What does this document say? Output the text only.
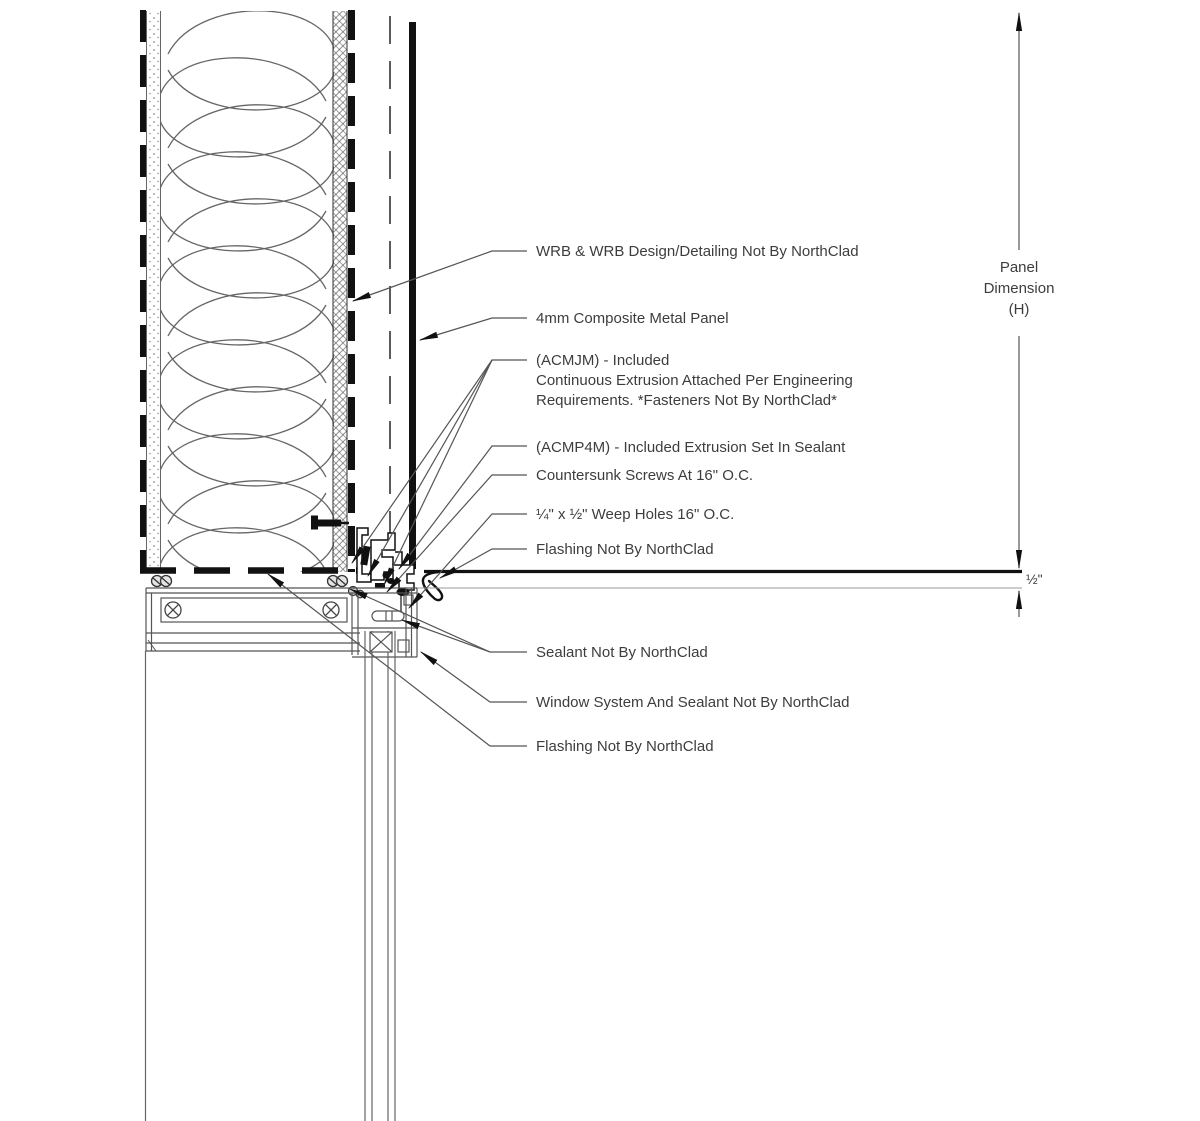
WRB & WRB Design/Detailing Not By NorthClad
4mm Composite Metal Panel
(ACMJM) - Included
Continuous Extrusion Attached Per Engineering
Requirements. *Fasteners Not By NorthClad*
(ACMP4M) - Included Extrusion Set In Sealant
Countersunk Screws At 16" O.C.
¼" x ½" Weep Holes 16" O.C.
Flashing Not By NorthClad
Sealant Not By NorthClad
Window System And Sealant Not By NorthClad
Flashing Not By NorthClad
Panel
Dimension
(H)
½"
